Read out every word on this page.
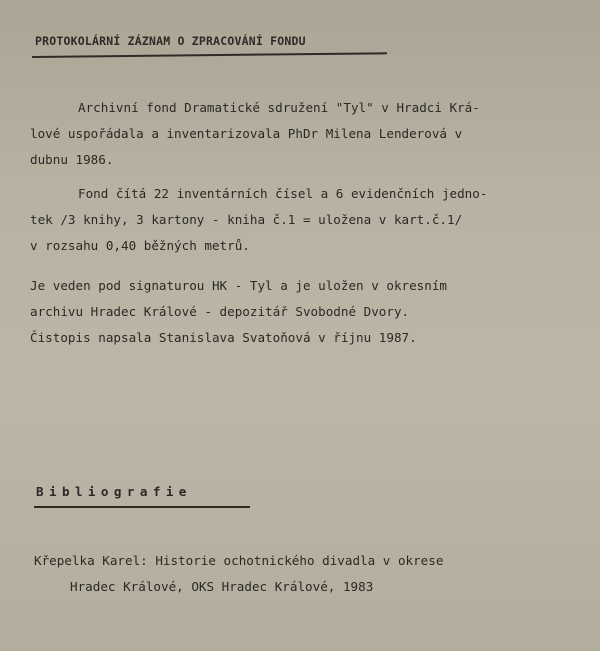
PROTOKOLÁRNÍ ZÁZNAM O ZPRACOVÁNÍ FONDU
Archivní fond Dramatické sdružení "Tyl" v Hradci Krá-
lové uspořádala a inventarizovala PhDr Milena Lenderová v
dubnu 1986.
Fond čítá 22 inventárních čísel a 6 evidenčních jedno-
tek /3 knihy, 3 kartony - kniha č.1 = uložena v kart.č.1/
v rozsahu 0,40 běžných metrů.
Je veden pod signaturou HK - Tyl a je uložen v okresním
archivu Hradec Králové - depozitář Svobodné Dvory.
Čistopis napsala Stanislava Svatoňová v říjnu 1987.
Bibliografie
Křepelka Karel: Historie ochotnického divadla v okrese
Hradec Králové, OKS Hradec Králové, 1983
